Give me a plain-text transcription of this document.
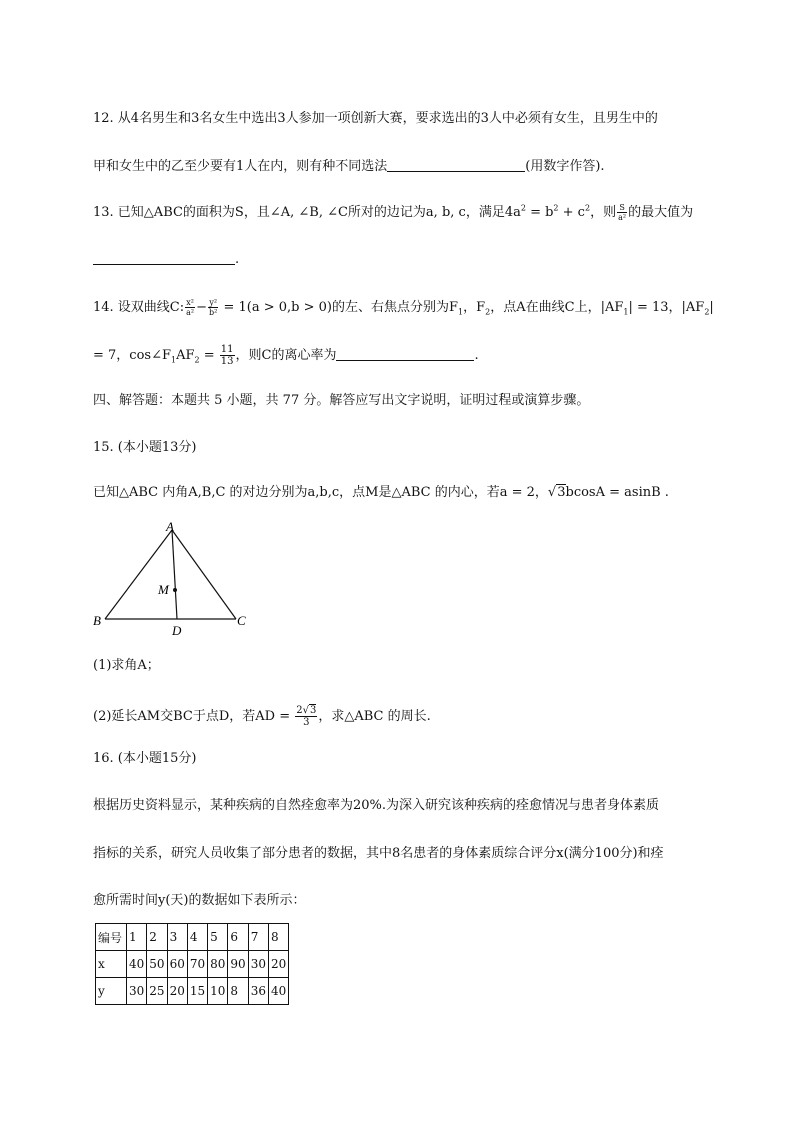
12. 从4名男生和3名女生中选出3人参加一项创新大赛，要求选出的3人中必须有女生，且男生中的
甲和女生中的乙至少要有1人在内，则有种不同选法	(用数字作答).
13. 已知△ABC的面积为S，且∠A, ∠B, ∠C所对的边记为a, b, c，满足$4a^2 = b^2 + c^2$，则 $\frac{S}{\text{a²}}$ 的最大值为
.
14. 设双曲线C: $\frac{\text{x²}}{\text{a²}} - \frac{\text{y²}}{\text{b²}} = 1(a > 0,b > 0)$的左、右焦点分别为$F_1$，$F_2$，点A在曲线C上，$|AF_1| = 13$，$|AF_2|$
= 7，$\cos\angle F_1AF_2 = \frac{11}{13}$ ，则C的离心率为	.
四、解答题：本题共 5 小题，共 77 分。解答应写出文字说明，证明过程或演算步骤。
15. (本小题13分)
已知△ABC 内角A,B,C 的对边分别为a,b,c，点M是△ABC 的内心，若a = 2，√3bcosA = asinB .
A
B	C
D
M
(1)求角A；
(2)延长AM交BC于点D，若AD = $\frac{2√3}{3}$ ，求△ABC 的周长.
16. (本小题15分)
根据历史资料显示，某种疾病的自然痊愈率为20%.为深入研究该种疾病的痊愈情况与患者身体素质
指标的关系，研究人员收集了部分患者的数据，其中8名患者的身体素质综合评分x(满分100分)和痊
愈所需时间y(天)的数据如下表所示：
编号	1	2	3	4	5	6	7	8
x	40	50	60	70	80	90	30	20
y	30	25	20	15	10	8	36	40
